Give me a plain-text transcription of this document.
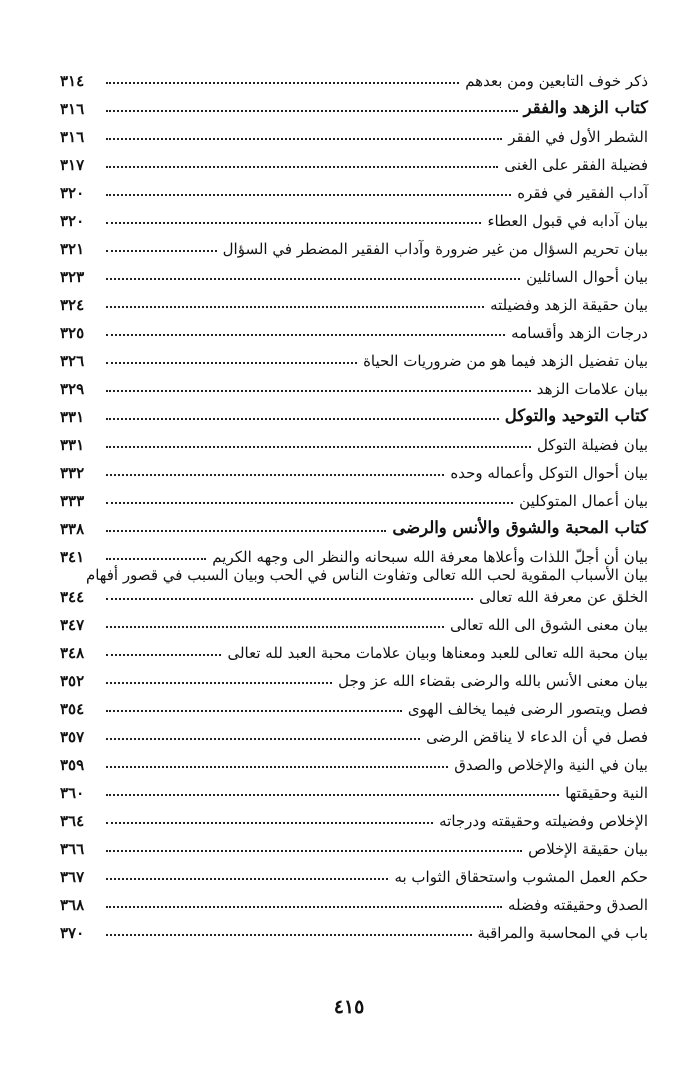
ذكر خوف التابعين ومن بعدهم
٣١٤
كتاب الزهد والفقر
٣١٦
الشطر الأول في الفقر
٣١٦
فضيلة الفقر على الغنى
٣١٧
آداب الفقير في فقره
٣٢٠
بيان آدابه في قبول العطاء
٣٢٠
بيان تحريم السؤال من غير ضرورة وآداب الفقير المضطر في السؤال
٣٢١
بيان أحوال السائلين
٣٢٣
بيان حقيقة الزهد وفضيلته
٣٢٤
درجات الزهد وأقسامه
٣٢٥
بيان تفضيل الزهد فيما هو من ضروريات الحياة
٣٢٦
بيان علامات الزهد
٣٢٩
كتاب التوحيد والتوكل
٣٣١
بيان فضيلة التوكل
٣٣١
بيان أحوال التوكل وأعماله وحده
٣٣٢
بيان أعمال المتوكلين
٣٣٣
كتاب المحبة والشوق والأنس والرضى
٣٣٨
بيان أن أجلّ اللذات وأعلاها معرفة الله سبحانه والنظر الى وجهه الكريم
٣٤١
بيان الأسباب المقوية لحب الله تعالى وتفاوت الناس في الحب وبيان السبب في قصور أفهام
الخلق عن معرفة الله تعالى
٣٤٤
بيان معنى الشوق الى الله تعالى
٣٤٧
بيان محبة الله تعالى للعبد ومعناها وبيان علامات محبة العبد لله تعالى
٣٤٨
بيان معنى الأنس بالله والرضى بقضاء الله عز وجل
٣٥٢
فصل ويتصور الرضى فيما يخالف الهوى
٣٥٤
فصل في أن الدعاء لا يناقض الرضى
٣٥٧
بيان في النية والإخلاص والصدق
٣٥٩
النية وحقيقتها
٣٦٠
الإخلاص وفضيلته وحقيقته ودرجاته
٣٦٤
بيان حقيقة الإخلاص
٣٦٦
حكم العمل المشوب واستحقاق الثواب به
٣٦٧
الصدق وحقيقته وفضله
٣٦٨
باب في المحاسبة والمراقبة
٣٧٠
٤١٥
